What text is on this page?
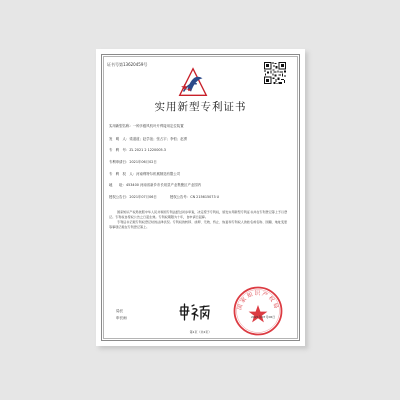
证书号第13620459号
实用新型专利证书
实用新型名称：一种多级风机叶片焊接用定位装置
发　明　人：梁道道；赵学谊；张占宇；李恒；赵勇
专　利　号：ZL 2021 2 1220005.3
专利申请日：2021年06月02日
专　利　权　人：河南利特尔机械制造有限公司
地　　址：453400 河南省新乡市长垣县产业集聚区产业园内
授权公告日：2021年07月06日	授权公告号：CN 215615073 U

国家知识产权局依照中华人民共和国专利法经过初步审查，决定授予专利权，颁发实用新型专利证书并在专利登记簿上予以登记。专利权自授权公告之日起生效。专利权期限为十年，自申请日起算。

专利证书记载专利权登记时的法律状况。专利权的转移、质押、无效、终止、恢复和专利权人的姓名或名称、国籍、地址变更等事项记载在专利登记簿上。

局长
申长雨
国家知识产权局
2021年07月06日
第1页（共2页）
